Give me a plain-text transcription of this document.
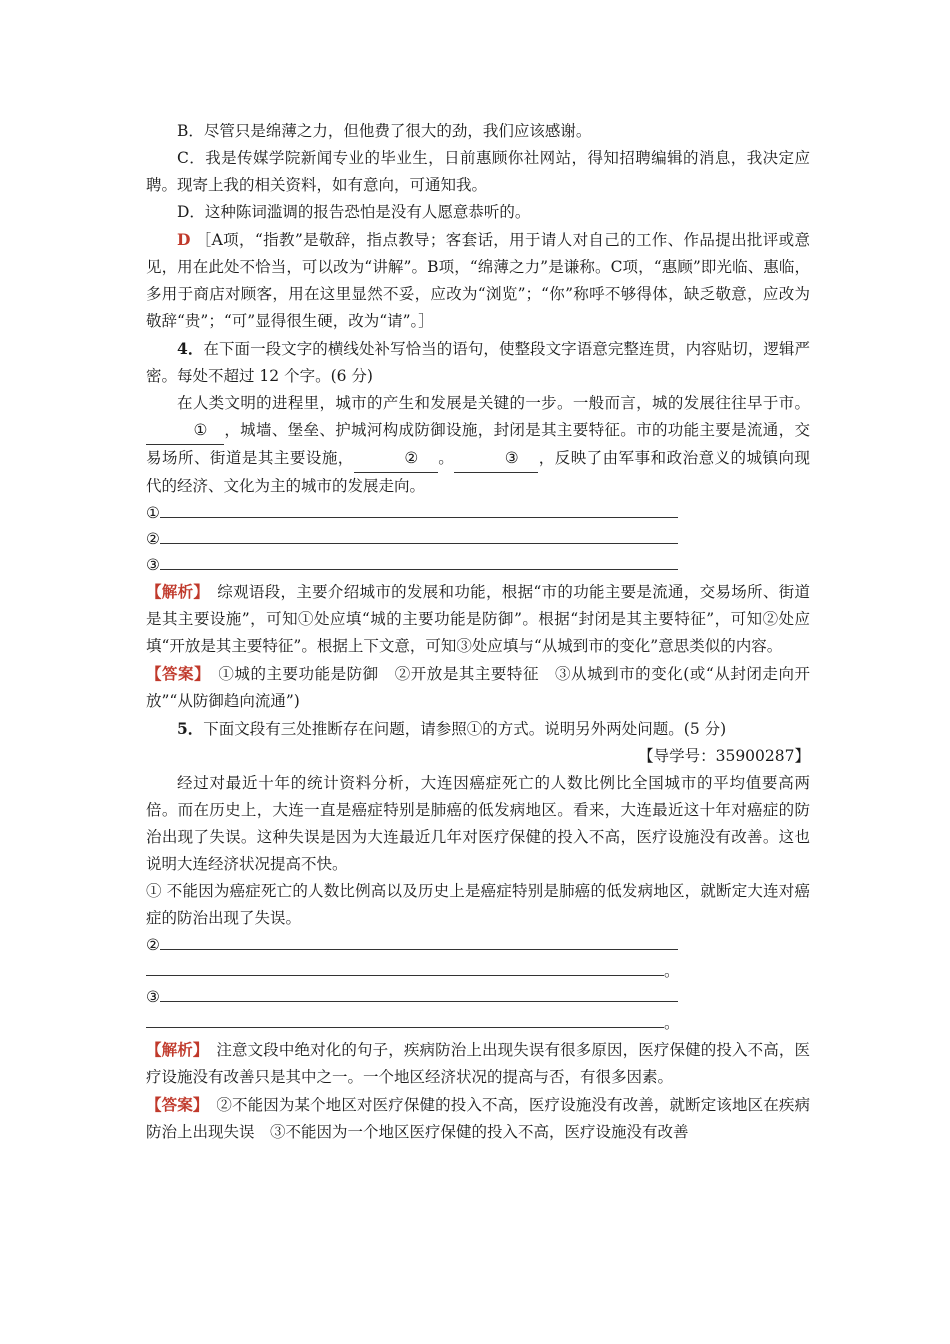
B．尽管只是绵薄之力，但他费了很大的劲，我们应该感谢。

C．我是传媒学院新闻专业的毕业生，日前惠顾你社网站，得知招聘编辑的消息，我决定应聘。现寄上我的相关资料，如有意向，可通知我。

D．这种陈词滥调的报告恐怕是没有人愿意恭听的。

D ［A项，“指教”是敬辞，指点教导；客套话，用于请人对自己的工作、作品提出批评或意见，用在此处不恰当，可以改为“讲解”。B项，“绵薄之力”是谦称。C项，“惠顾”即光临、惠临，多用于商店对顾客，用在这里显然不妥，应改为“浏览”；“你”称呼不够得体，缺乏敬意，应改为敬辞“贵”；“可”显得很生硬，改为“请”。］

4．在下面一段文字的横线处补写恰当的语句，使整段文字语意完整连贯，内容贴切，逻辑严密。每处不超过 12 个字。(6 分)

在人类文明的进程里，城市的产生和发展是关键的一步。一般而言，城的发展往往早于市。① ，城墙、堡垒、护城河构成防御设施，封闭是其主要特征。市的功能主要是流通，交易场所、街道是其主要设施，	② 。	③ ，反映了由军事和政治意义的城镇向现代的经济、文化为主的城市的发展走向。

①

②

③

【解析】　 综观语段，主要介绍城市的发展和功能，根据“市的功能主要是流通，交易场所、街道是其主要设施”，可知①处应填“城的主要功能是防御”。根据“封闭是其主要特征”，可知②处应填“开放是其主要特征”。根据上下文意，可知③处应填与“从城到市的变化”意思类似的内容。

【答案】　 ①城的主要功能是防御　②开放是其主要特征　③从城到市的变化(或“从封闭走向开放”“从防御趋向流通”)

5．下面文段有三处推断存在问题，请参照①的方式。说明另外两处问题。(5 分)

【导学号：35900287】

经过对最近十年的统计资料分析，大连因癌症死亡的人数比例比全国城市的平均值要高两倍。而在历史上，大连一直是癌症特别是肺癌的低发病地区。看来，大连最近这十年对癌症的防治出现了失误。这种失误是因为大连最近几年对医疗保健的投入不高，医疗设施没有改善。这也说明大连经济状况提高不快。

① 不能因为癌症死亡的人数比例高以及历史上是癌症特别是肺癌的低发病地区，就断定大连对癌症的防治出现了失误。

②

。

③

。

【解析】　 注意文段中绝对化的句子，疾病防治上出现失误有很多原因，医疗保健的投入不高，医疗设施没有改善只是其中之一。一个地区经济状况的提高与否，有很多因素。

【答案】　 ②不能因为某个地区对医疗保健的投入不高，医疗设施没有改善，就断定该地区在疾病防治上出现失误　③不能因为一个地区医疗保健的投入不高，医疗设施没有改善
